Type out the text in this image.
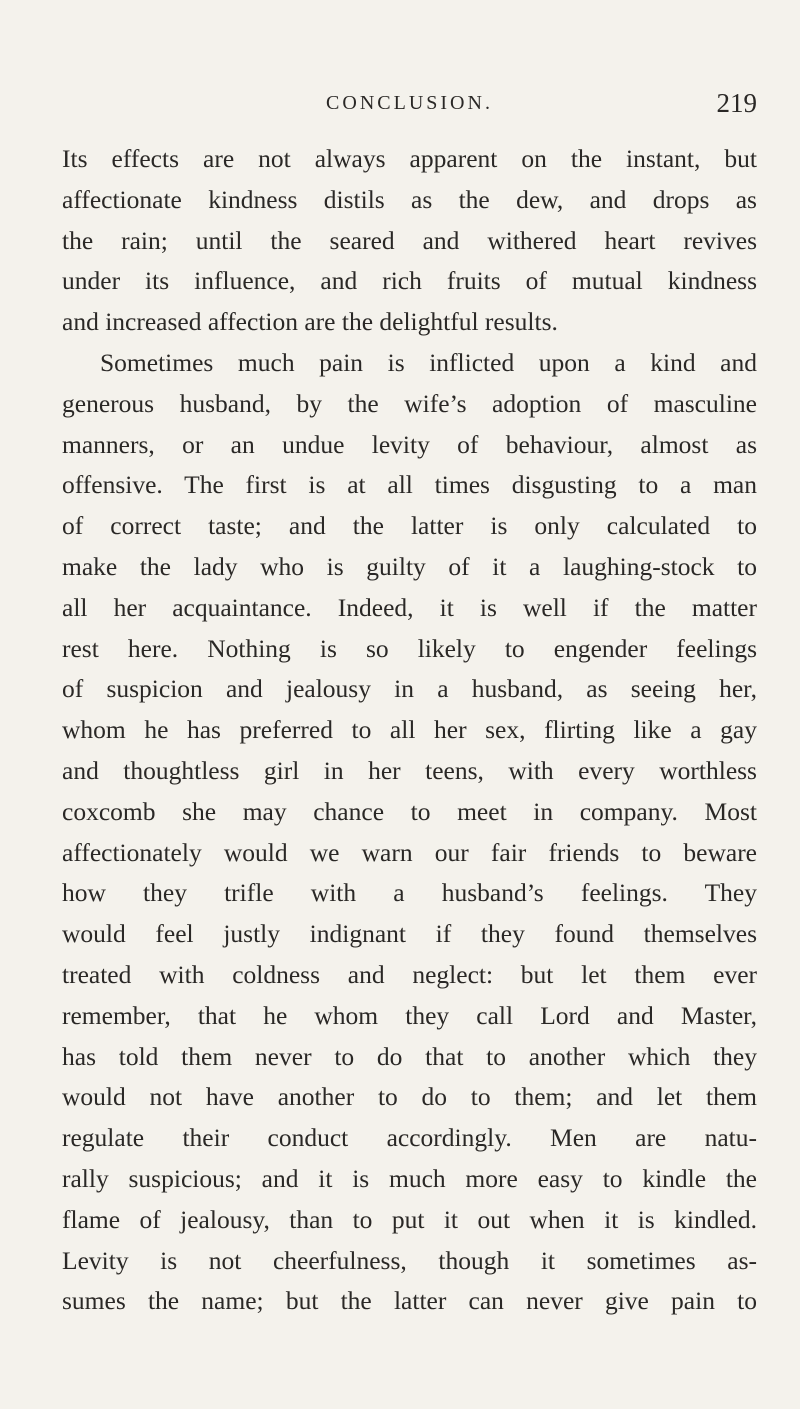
CONCLUSION.	219

Its effects are not always apparent on the instant, but
affectionate kindness distils as the dew, and drops as
the rain; until the seared and withered heart revives
under its influence, and rich fruits of mutual kindness
and increased affection are the delightful results.

Sometimes much pain is inflicted upon a kind and
generous husband, by the wife’s adoption of masculine
manners, or an undue levity of behaviour, almost as
offensive. The first is at all times disgusting to a man
of correct taste; and the latter is only calculated to
make the lady who is guilty of it a laughing-stock to
all her acquaintance. Indeed, it is well if the matter
rest here. Nothing is so likely to engender feelings
of suspicion and jealousy in a husband, as seeing her,
whom he has preferred to all her sex, flirting like a gay
and thoughtless girl in her teens, with every worthless
coxcomb she may chance to meet in company. Most
affectionately would we warn our fair friends to beware
how they trifle with a husband’s feelings. They
would feel justly indignant if they found themselves
treated with coldness and neglect: but let them ever
remember, that he whom they call Lord and Master,
has told them never to do that to another which they
would not have another to do to them; and let them
regulate their conduct accordingly. Men are natu-
rally suspicious; and it is much more easy to kindle the
flame of jealousy, than to put it out when it is kindled.
Levity is not cheerfulness, though it sometimes as-
sumes the name; but the latter can never give pain to
